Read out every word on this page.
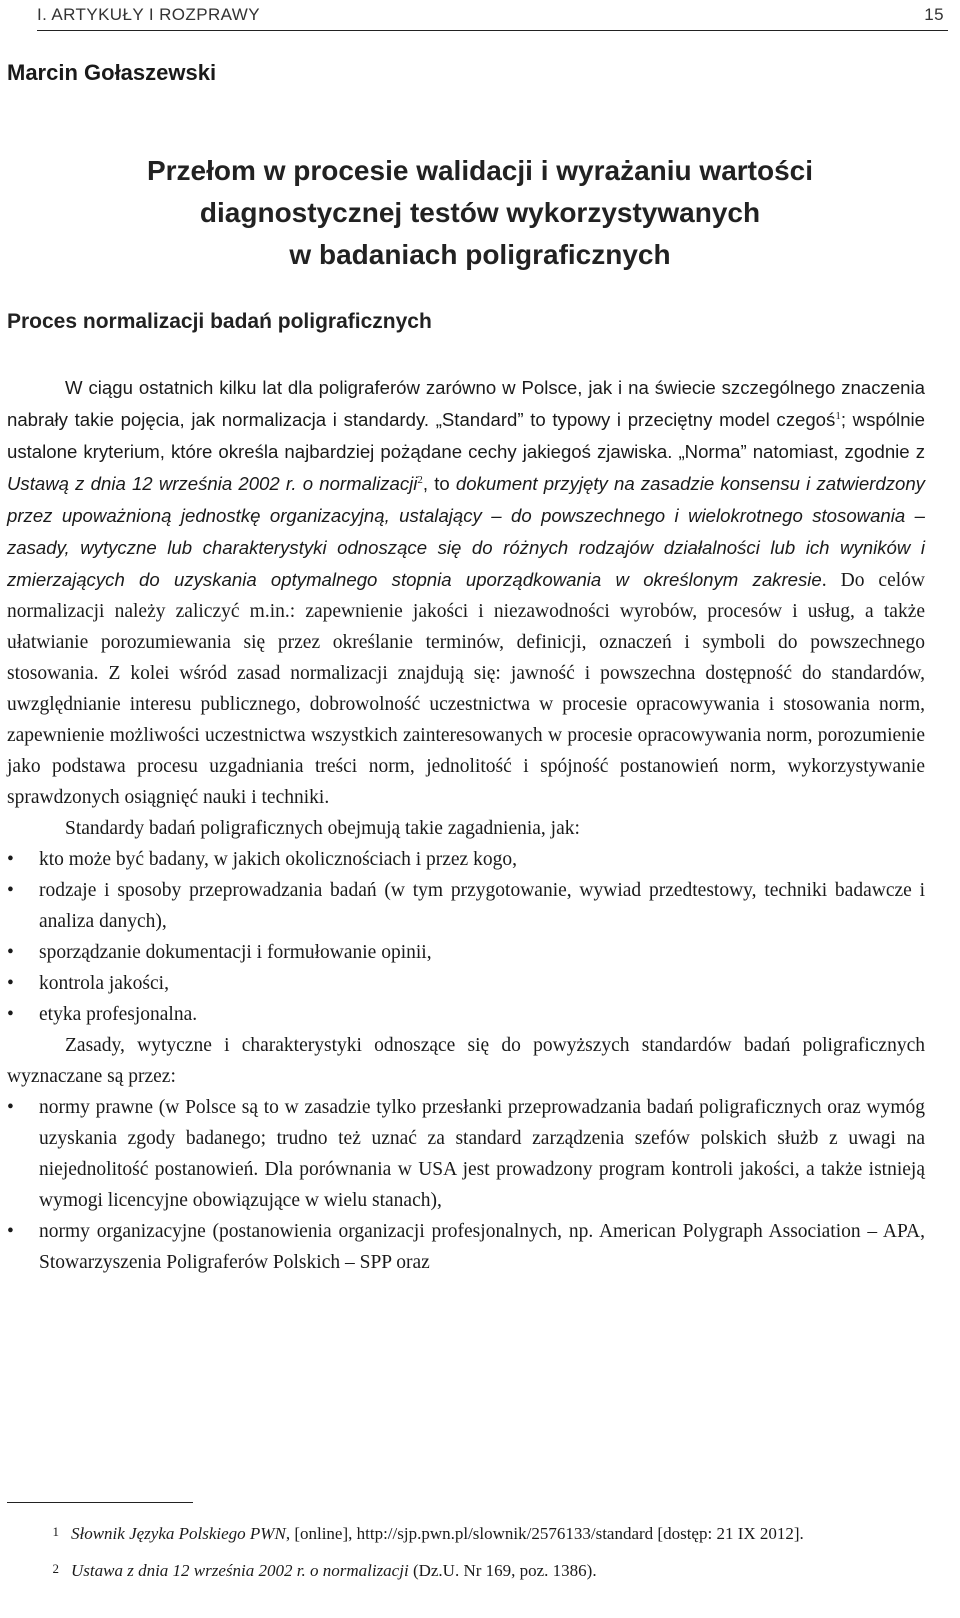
I. ARTYKUŁY I ROZPRAWY	15
Marcin Gołaszewski
Przełom w procesie walidacji i wyrażaniu wartości
diagnostycznej testów wykorzystywanych
w badaniach poligraficznych
Proces normalizacji badań poligraficznych

W ciągu ostatnich kilku lat dla poligraferów zarówno w Polsce, jak i na świecie szczególnego znaczenia nabrały takie pojęcia, jak normalizacja i standardy. „Standard” to typowy i przeciętny model czegoś$^1$; wspólnie ustalone kryterium, które określa najbardziej pożądane cechy jakiegoś zjawiska. „Norma” natomiast, zgodnie z Ustawą z dnia 12 września 2002 r. o normalizacji$^2$, to dokument przyjęty na zasadzie konsensu i zatwierdzony przez upoważnioną jednostkę organizacyjną, ustalający – do powszechnego i wielokrotnego stosowania – zasady, wytyczne lub charakterystyki odnoszące się do różnych rodzajów działalności lub ich wyników i zmierzających do uzyskania optymalnego stopnia uporządkowania w określonym zakresie. Do celów normalizacji należy zaliczyć m.in.: zapewnienie jakości i niezawodności wyrobów, procesów i usług, a także ułatwianie porozumiewania się przez określanie terminów, definicji, oznaczeń i symboli do powszechnego stosowania. Z kolei wśród zasad normalizacji znajdują się: jawność i powszechna dostępność do standardów, uwzględnianie interesu publicznego, dobrowolność uczestnictwa w procesie opracowywania i stosowania norm, zapewnienie możliwości uczestnictwa wszystkich zainteresowanych w procesie opracowywania norm, porozumienie jako podstawa procesu uzgadniania treści norm, jednolitość i spójność postanowień norm, wykorzystywanie sprawdzonych osiągnięć nauki i techniki.

Standardy badań poligraficznych obejmują takie zagadnienia, jak:

• kto może być badany, w jakich okolicznościach i przez kogo,
• rodzaje i sposoby przeprowadzania badań (w tym przygotowanie, wywiad przedtestowy, techniki badawcze i analiza danych),
• sporządzanie dokumentacji i formułowanie opinii,
• kontrola jakości,
• etyka profesjonalna.

Zasady, wytyczne i charakterystyki odnoszące się do powyższych standardów badań poligraficznych wyznaczane są przez:

• normy prawne (w Polsce są to w zasadzie tylko przesłanki przeprowadzania badań poligraficznych oraz wymóg uzyskania zgody badanego; trudno też uznać za standard zarządzenia szefów polskich służb z uwagi na niejednolitość postanowień. Dla porównania w USA jest prowadzony program kontroli jakości, a także istnieją wymogi licencyjne obowiązujące w wielu stanach),
• normy organizacyjne (postanowienia organizacji profesjonalnych, np. American Polygraph Association – APA, Stowarzyszenia Poligraferów Polskich – SPP oraz

1 Słownik Języka Polskiego PWN, [online], http://sjp.pwn.pl/slownik/2576133/standard [dostęp: 21 IX 2012].

2 Ustawa z dnia 12 września 2002 r. o normalizacji (Dz.U. Nr 169, poz. 1386).
